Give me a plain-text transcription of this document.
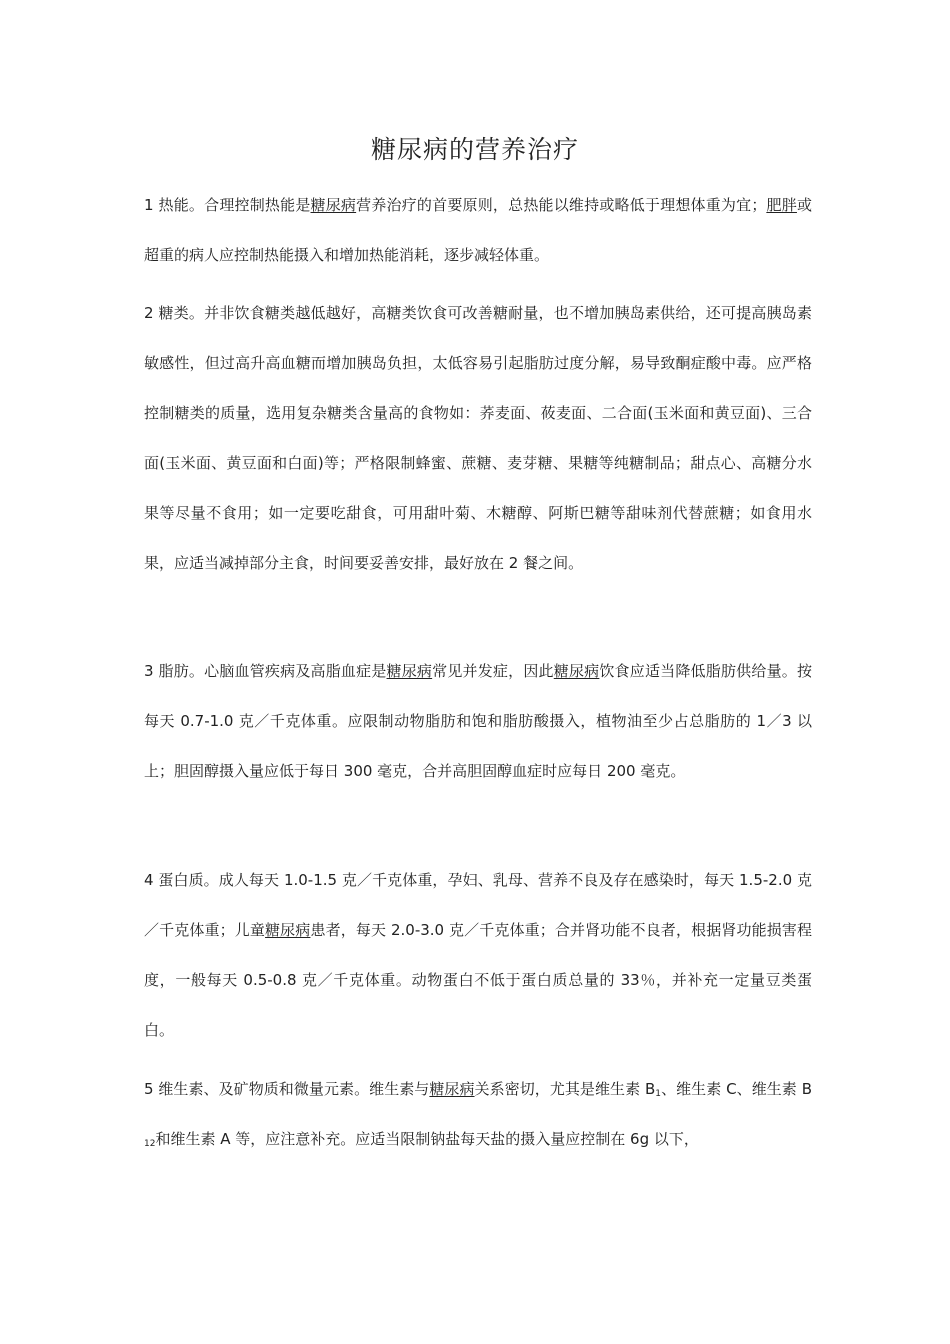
糖尿病的营养治疗
1 热能。合理控制热能是糖尿病营养治疗的首要原则，总热能以维持或略低于理想体重为宜；肥胖或超重的病人应控制热能摄入和增加热能消耗，逐步减轻体重。
2 糖类。并非饮食糖类越低越好，高糖类饮食可改善糖耐量，也不增加胰岛素供给，还可提高胰岛素敏感性，但过高升高血糖而增加胰岛负担，太低容易引起脂肪过度分解，易导致酮症酸中毒。应严格控制糖类的质量，选用复杂糖类含量高的食物如：荞麦面、莜麦面、二合面(玉米面和黄豆面)、三合面(玉米面、黄豆面和白面)等；严格限制蜂蜜、蔗糖、麦芽糖、果糖等纯糖制品；甜点心、高糖分水果等尽量不食用；如一定要吃甜食，可用甜叶菊、木糖醇、阿斯巴糖等甜味剂代替蔗糖；如食用水果，应适当减掉部分主食，时间要妥善安排，最好放在 2 餐之间。
3 脂肪。心脑血管疾病及高脂血症是糖尿病常见并发症，因此糖尿病饮食应适当降低脂肪供给量。按每天 0.7-1.0 克／千克体重。应限制动物脂肪和饱和脂肪酸摄入，植物油至少占总脂肪的 1／3 以上；胆固醇摄入量应低于每日 300 毫克，合并高胆固醇血症时应每日 200 毫克。
4 蛋白质。成人每天 1.0-1.5 克／千克体重，孕妇、乳母、营养不良及存在感染时，每天 1.5-2.0 克／千克体重；儿童糖尿病患者，每天 2.0-3.0 克／千克体重；合并肾功能不良者，根据肾功能损害程度，一般每天 0.5-0.8 克／千克体重。动物蛋白不低于蛋白质总量的 33％，并补充一定量豆类蛋白。
5 维生素、及矿物质和微量元素。维生素与糖尿病关系密切，尤其是维生素 $B_1$、维生素 C、维生素 $B_{12}$和维生素 A 等，应注意补充。应适当限制钠盐每天盐的摄入量应控制在 6g 以下，
